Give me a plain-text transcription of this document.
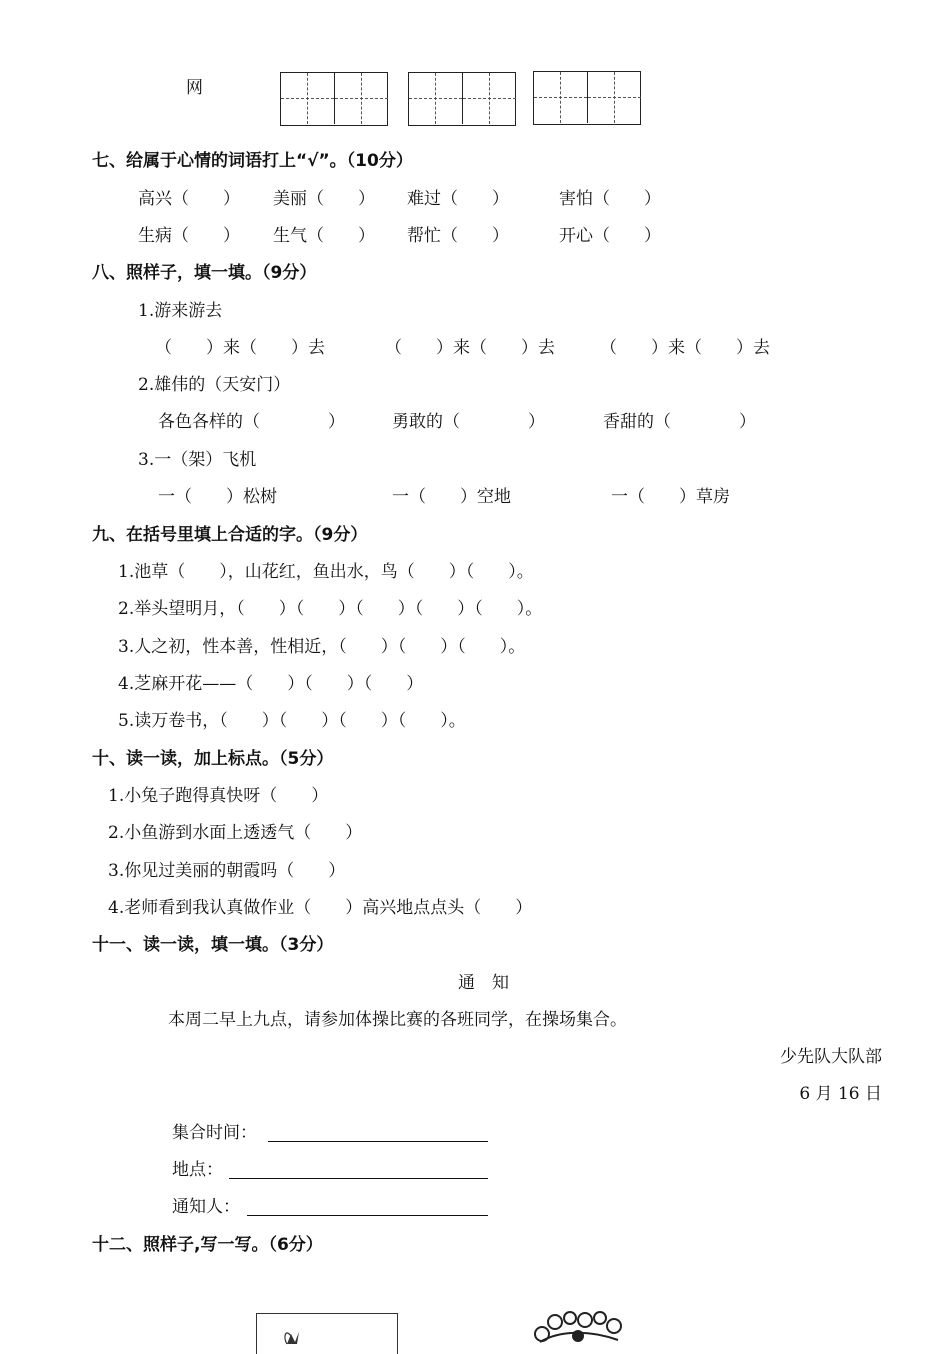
网
七、给属于心情的词语打上“√”。（10分）
高兴（　　） 美丽（　　） 难过（　　）	害怕（　　）
生病（　　） 生气（　　） 帮忙（　　）	开心（　　）
八、照样子，填一填。（9分）
1.游来游去
（　　）来（　　）去	（　　）来（　　）去	（　　）来（　　）去
2.雄伟的（天安门）
各色各样的（　　　　）	勇敢的（　　　　）	香甜的（　　　　）
3.一（架）飞机
一（　　）松树	一（　　）空地	一（　　）草房
九、在括号里填上合适的字。（9分）
1.池草（　　），山花红，鱼出水，鸟（　　）（　　）。
2.举头望明月，（　　）（　　）（　　）（　　）（　　）。
3.人之初，性本善，性相近，（　　）（　　）（　　）。
4.芝麻开花——（　　）（　　）（　　）
5.读万卷书，（　　）（　　）（　　）（　　）。
十、读一读，加上标点。（5分）
1.小兔子跑得真快呀（　　）
2.小鱼游到水面上透透气（　　）
3.你见过美丽的朝霞吗（　　）
4.老师看到我认真做作业（　　）高兴地点点头（　　）
十一、读一读，填一填。（3分）
通　知
本周二早上九点，请参加体操比赛的各班同学，在操场集合。
少先队大队部
6 月 16 日
集合时间：
地点：
通知人：
十二、照样子,写一写。（6分）
